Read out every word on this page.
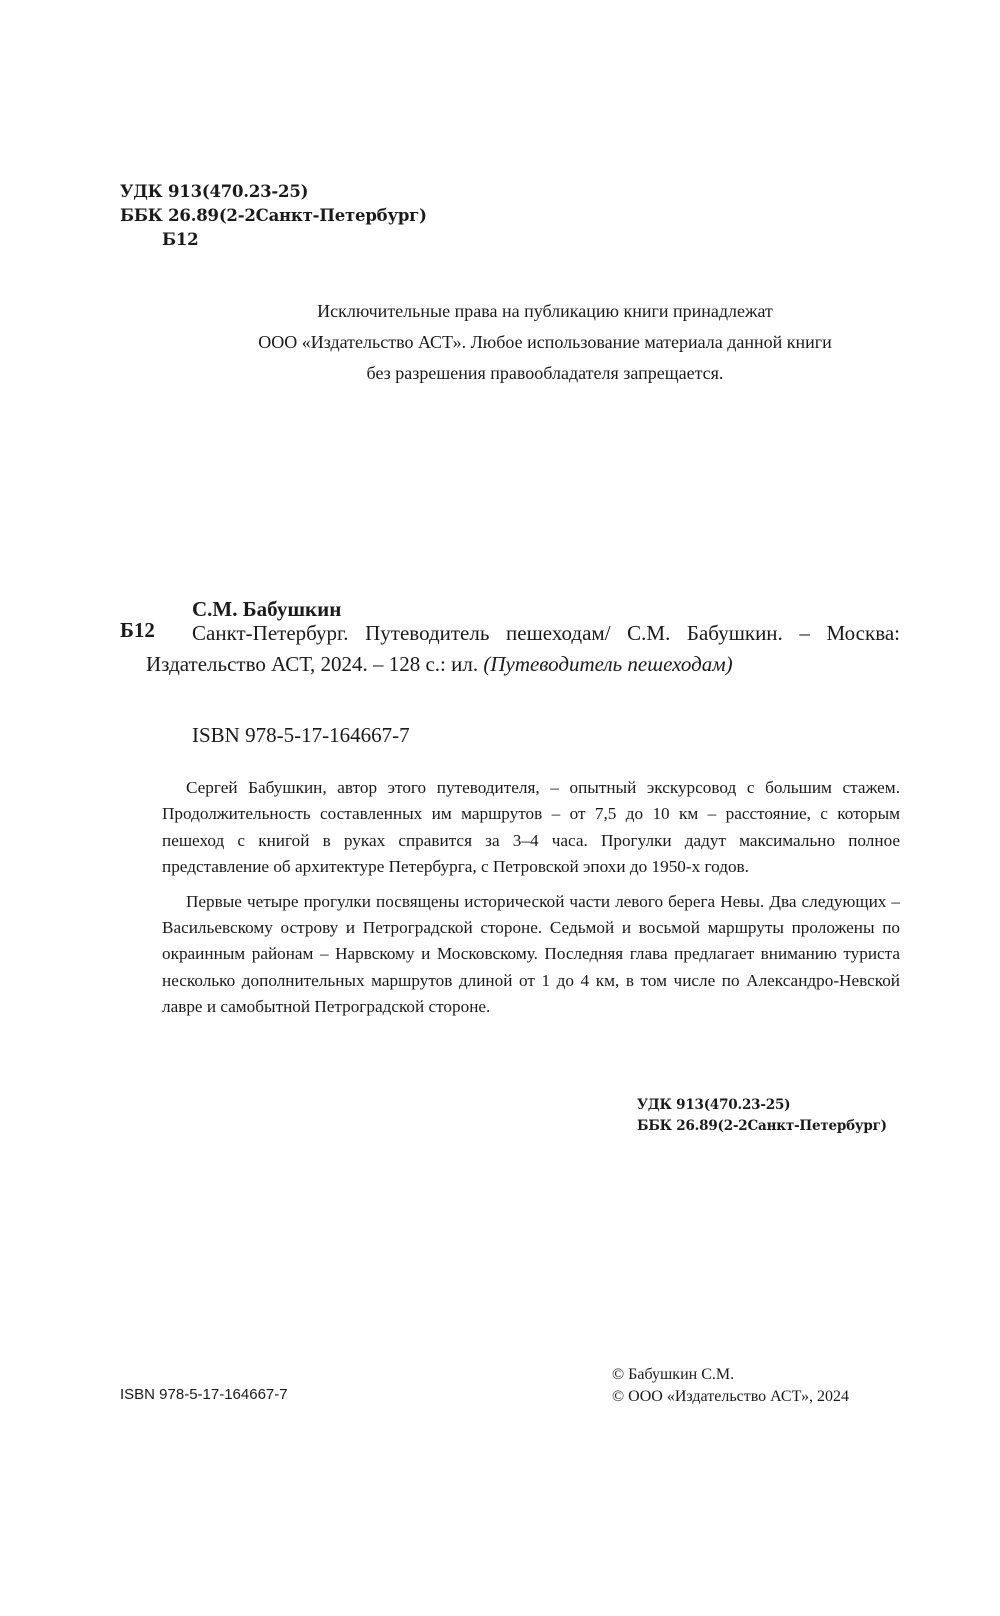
УДК 913(470.23-25)
ББК 26.89(2-2Санкт-Петербург)
Б12
Исключительные права на публикацию книги принадлежат
ООО «Издательство АСТ». Любое использование материала данной книги
без разрешения правообладателя запрещается.
С.М. Бабушкин
Б12	Санкт-Петербург. Путеводитель пешеходам/ С.М. Бабушкин. – Москва: Издательство АСТ, 2024. – 128 с.: ил. (Путеводитель пешеходам)
ISBN 978-5-17-164667-7

Сергей Бабушкин, автор этого путеводителя, – опытный экскурсовод с большим стажем. Продолжительность составленных им маршрутов – от 7,5 до 10 км – расстояние, с которым пешеход с книгой в руках справится за 3–4 часа. Прогулки дадут максимально полное представление об архитектуре Петербурга, с Петровской эпохи до 1950-х годов.

Первые четыре прогулки посвящены исторической части левого берега Невы. Два следующих – Васильевскому острову и Петроградской стороне. Седьмой и восьмой маршруты проложены по окраинным районам – Нарвскому и Московскому. Последняя глава предлагает вниманию туриста несколько дополнительных маршрутов длиной от 1 до 4 км, в том числе по Александро-Невской лавре и самобытной Петроградской стороне.

УДК 913(470.23-25)
ББК 26.89(2-2Санкт-Петербург)
ISBN 978-5-17-164667-7
© Бабушкин С.М.
© ООО «Издательство АСТ», 2024
